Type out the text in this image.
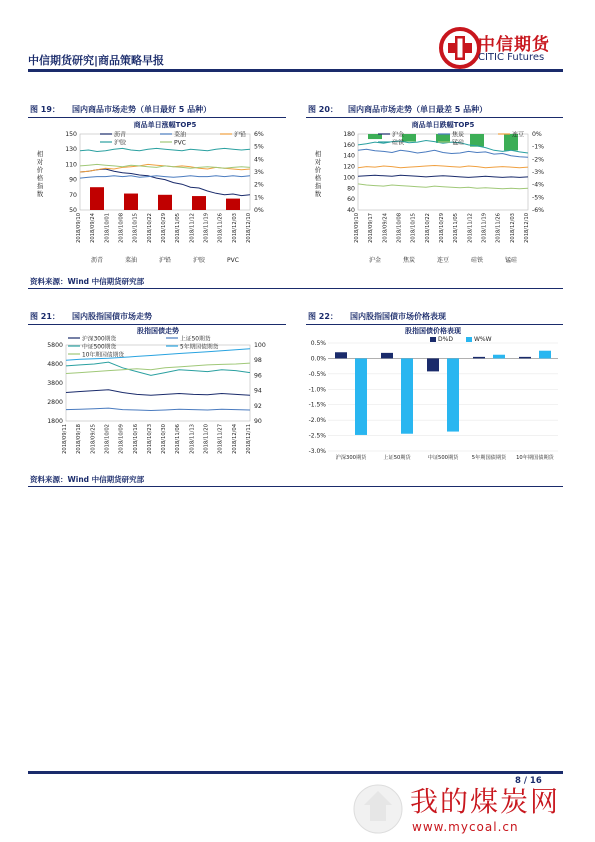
中信期货
CITIC Futures
中信期货研究|商品策略早报
图 19： 国内商品市场走势（单日最好 5 品种）	图 20： 国内商品市场走势（单日最差 5 品种）
商品单日涨幅TOP5
150
130
110
90
70
50
6%
5%
4%
3%
2%
1%
0%
相
对
价
格
指
数
沥青	菜油	沪铅	沪胶	PVC
沥青	菜油	沪铅
沪胶	PVC
2018/09/10 2018/09/24 2018/10/01 2018/10/08 2018/10/15 2018/10/22 2018/10/29 2018/11/05 2018/11/12 2018/11/19 2018/11/26 2018/12/03 2018/12/10
商品单日跌幅TOP5
180
160
140
120
100
80
60
40
0%
-1%
-2%
-3%
-4%
-5%
-6%
相
对
价
格
指
数
沪金	焦炭	连豆	硅铁	锰硅
沪金	焦炭	连豆
硅铁	锰硅
2018/09/10 2018/09/17 2018/09/24 2018/10/08 2018/10/15 2018/10/22 2018/10/29 2018/11/05 2018/11/12 2018/11/19 2018/11/26 2018/12/03 2018/12/10
资料来源：Wind 中信期货研究部
图 21： 国内股指国债市场走势	图 22： 国内股指国债市场价格表现
股指国债走势
5800
4800
3800
2800
1800
100
98
96
94
92
90
沪深300期货	上证50期货
中证500期货	5年期国债期货
10年期国债期货
2018/09/11 2018/09/18 2018/09/25 2018/10/02 2018/10/09 2018/10/16 2018/10/23 2018/10/30 2018/11/06 2018/11/13 2018/11/20 2018/11/27 2018/12/04 2018/12/11
股指国债价格表现
0.5%
0.0%
-0.5%
-1.0%
-1.5%
-2.0%
-2.5%
-3.0%
沪深300期货	上证50期货	中证500期货	5年期国债期货 10年期国债期货
D%D	W%W
资料来源：Wind 中信期货研究部
8 / 16
我的煤炭网
www.mycoal.cn
